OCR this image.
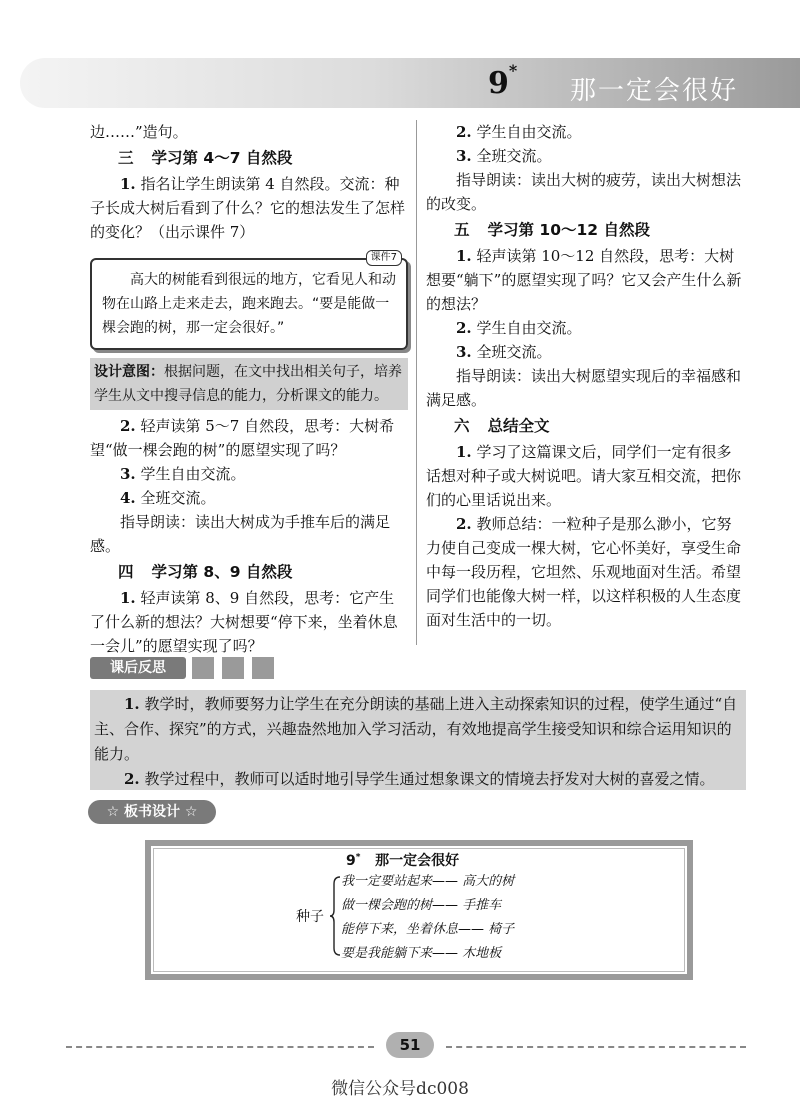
9*
那一定会很好
边……”造句。
三 学习第 4～7 自然段
1. 指名让学生朗读第 4 自然段。交流：种子长成大树后看到了什么？它的想法发生了怎样的变化？（出示课件 7）
课件7
高大的树能看到很远的地方，它看见人和动物在山路上走来走去，跑来跑去。“要是能做一棵会跑的树，那一定会很好。”
设计意图：根据问题，在文中找出相关句子，培养学生从文中搜寻信息的能力，分析课文的能力。
2. 轻声读第 5～7 自然段，思考：大树希望“做一棵会跑的树”的愿望实现了吗？
3. 学生自由交流。
4. 全班交流。
指导朗读：读出大树成为手推车后的满足感。
四 学习第 8、9 自然段
1. 轻声读第 8、9 自然段，思考：它产生了什么新的想法？大树想要“停下来，坐着休息一会儿”的愿望实现了吗？
2. 学生自由交流。
3. 全班交流。
指导朗读：读出大树的疲劳，读出大树想法的改变。
五 学习第 10～12 自然段
1. 轻声读第 10～12 自然段，思考：大树想要“躺下”的愿望实现了吗？它又会产生什么新的想法？
2. 学生自由交流。
3. 全班交流。
指导朗读：读出大树愿望实现后的幸福感和满足感。
六 总结全文
1. 学习了这篇课文后，同学们一定有很多话想对种子或大树说吧。请大家互相交流，把你们的心里话说出来。
2. 教师总结：一粒种子是那么渺小，它努力使自己变成一棵大树，它心怀美好，享受生命中每一段历程，它坦然、乐观地面对生活。希望同学们也能像大树一样，以这样积极的人生态度面对生活中的一切。
课后反思
1. 教学时，教师要努力让学生在充分朗读的基础上进入主动探索知识的过程，使学生通过“自主、合作、探究”的方式，兴趣盎然地加入学习活动，有效地提高学生接受知识和综合运用知识的能力。
2. 教学过程中，教师可以适时地引导学生通过想象课文的情境去抒发对大树的喜爱之情。
☆ 板书设计 ☆
9* 那一定会很好
种子
我一定要站起来—— 高大的树
做一棵会跑的树—— 手推车
能停下来，坐着休息—— 椅子
要是我能躺下来—— 木地板
51
微信公众号dc008
